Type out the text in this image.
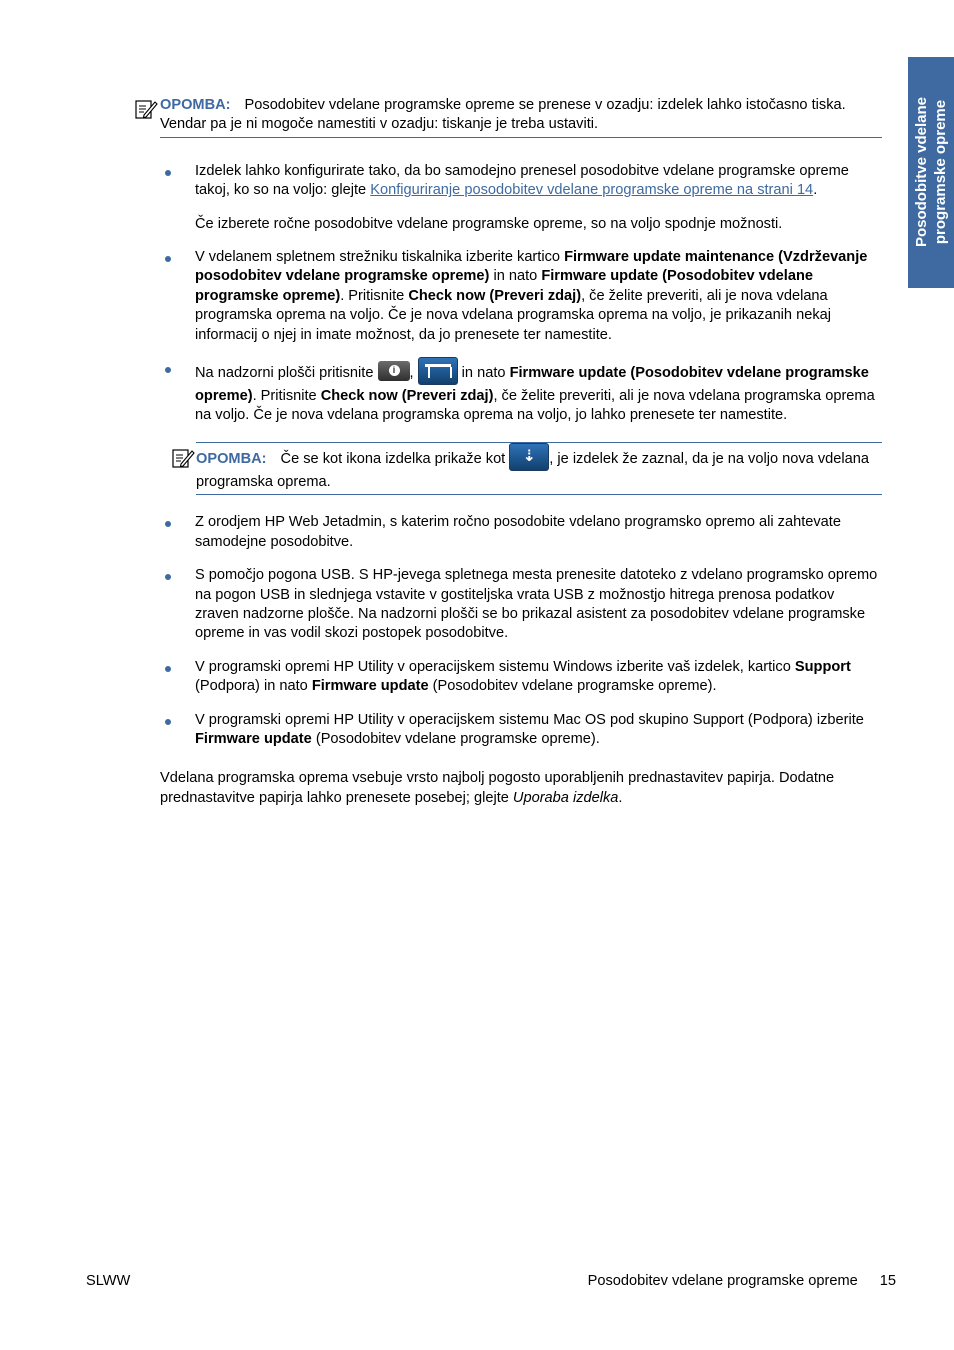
Posodobitve vdelane programske opreme
OPOMBA: Posodobitev vdelane programske opreme se prenese v ozadju: izdelek lahko istočasno tiska. Vendar pa je ni mogoče namestiti v ozadju: tiskanje je treba ustaviti.
Izdelek lahko konfigurirate tako, da bo samodejno prenesel posodobitve vdelane programske opreme takoj, ko so na voljo: glejte Konfiguriranje posodobitev vdelane programske opreme na strani 14.
Če izberete ročne posodobitve vdelane programske opreme, so na voljo spodnje možnosti.
V vdelanem spletnem strežniku tiskalnika izberite kartico Firmware update maintenance (Vzdrževanje posodobitev vdelane programske opreme) in nato Firmware update (Posodobitev vdelane programske opreme). Pritisnite Check now (Preveri zdaj), če želite preveriti, ali je nova vdelana programska oprema na voljo. Če je nova vdelana programska oprema na voljo, je prikazanih nekaj informacij o njej in imate možnost, da jo prenesete ter namestite.
Na nadzorni plošči pritisnite i,	in nato Firmware update (Posodobitev vdelane programske opreme). Pritisnite Check now (Preveri zdaj), če želite preveriti, ali je nova vdelana programska oprema na voljo. Če je nova vdelana programska oprema na voljo, jo lahko prenesete ter namestite.
OPOMBA: Če se kot ikona izdelka prikaže kot ⇣ , je izdelek že zaznal, da je na voljo nova vdelana programska oprema.
Z orodjem HP Web Jetadmin, s katerim ročno posodobite vdelano programsko opremo ali zahtevate samodejne posodobitve.
S pomočjo pogona USB. S HP-jevega spletnega mesta prenesite datoteko z vdelano programsko opremo na pogon USB in slednjega vstavite v gostiteljska vrata USB z možnostjo hitrega prenosa podatkov zraven nadzorne plošče. Na nadzorni plošči se bo prikazal asistent za posodobitev vdelane programske opreme in vas vodil skozi postopek posodobitve.
V programski opremi HP Utility v operacijskem sistemu Windows izberite vaš izdelek, kartico Support (Podpora) in nato Firmware update (Posodobitev vdelane programske opreme).
V programski opremi HP Utility v operacijskem sistemu Mac OS pod skupino Support (Podpora) izberite Firmware update (Posodobitev vdelane programske opreme).
Vdelana programska oprema vsebuje vrsto najbolj pogosto uporabljenih prednastavitev papirja. Dodatne prednastavitve papirja lahko prenesete posebej; glejte Uporaba izdelka.
SLWW	Posodobitev vdelane programske opreme 15
